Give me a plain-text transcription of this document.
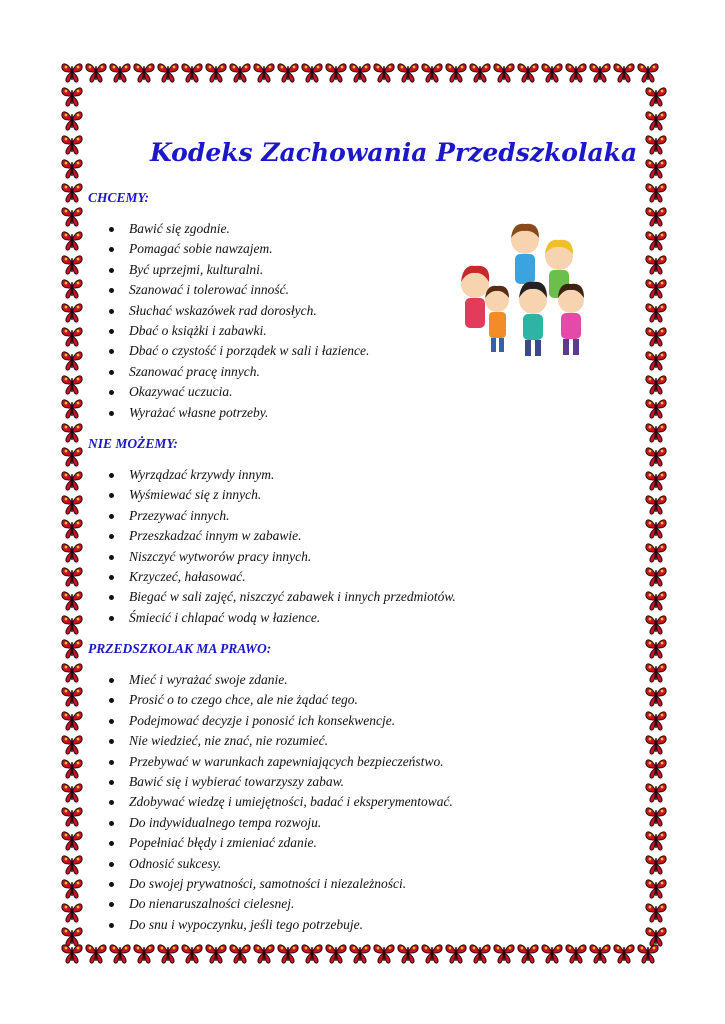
Kodeks Zachowania Przedszkolaka

CHCEMY:

Bawić się zgodnie.
Pomagać sobie nawzajem.
Być uprzejmi, kulturalni.
Szanować i tolerować inność.
Słuchać wskazówek rad dorosłych.
Dbać o książki i zabawki.
Dbać o czystość i porządek w sali i łazience.
Szanować pracę innych.
Okazywać uczucia.
Wyrażać własne potrzeby.

NIE MOŻEMY:

Wyrządzać krzywdy innym.
Wyśmiewać się z innych.
Przezywać innych.
Przeszkadzać innym w zabawie.
Niszczyć wytworów pracy innych.
Krzyczeć, hałasować.
Biegać w sali zajęć, niszczyć zabawek i innych przedmiotów.
Śmiecić i chlapać wodą w łazience.

PRZEDSZKOLAK MA PRAWO:

Mieć i wyrażać swoje zdanie.
Prosić o to czego chce, ale nie żądać tego.
Podejmować decyzje i ponosić ich konsekwencje.
Nie wiedzieć, nie znać, nie rozumieć.
Przebywać w warunkach zapewniających bezpieczeństwo.
Bawić się i wybierać towarzyszy zabaw.
Zdobywać wiedzę i umiejętności, badać i eksperymentować.
Do indywidualnego tempa rozwoju.
Popełniać błędy i zmieniać zdanie.
Odnosić sukcesy.
Do swojej prywatności, samotności i niezależności.
Do nienaruszalności cielesnej.
Do snu i wypoczynku, jeśli tego potrzebuje.
